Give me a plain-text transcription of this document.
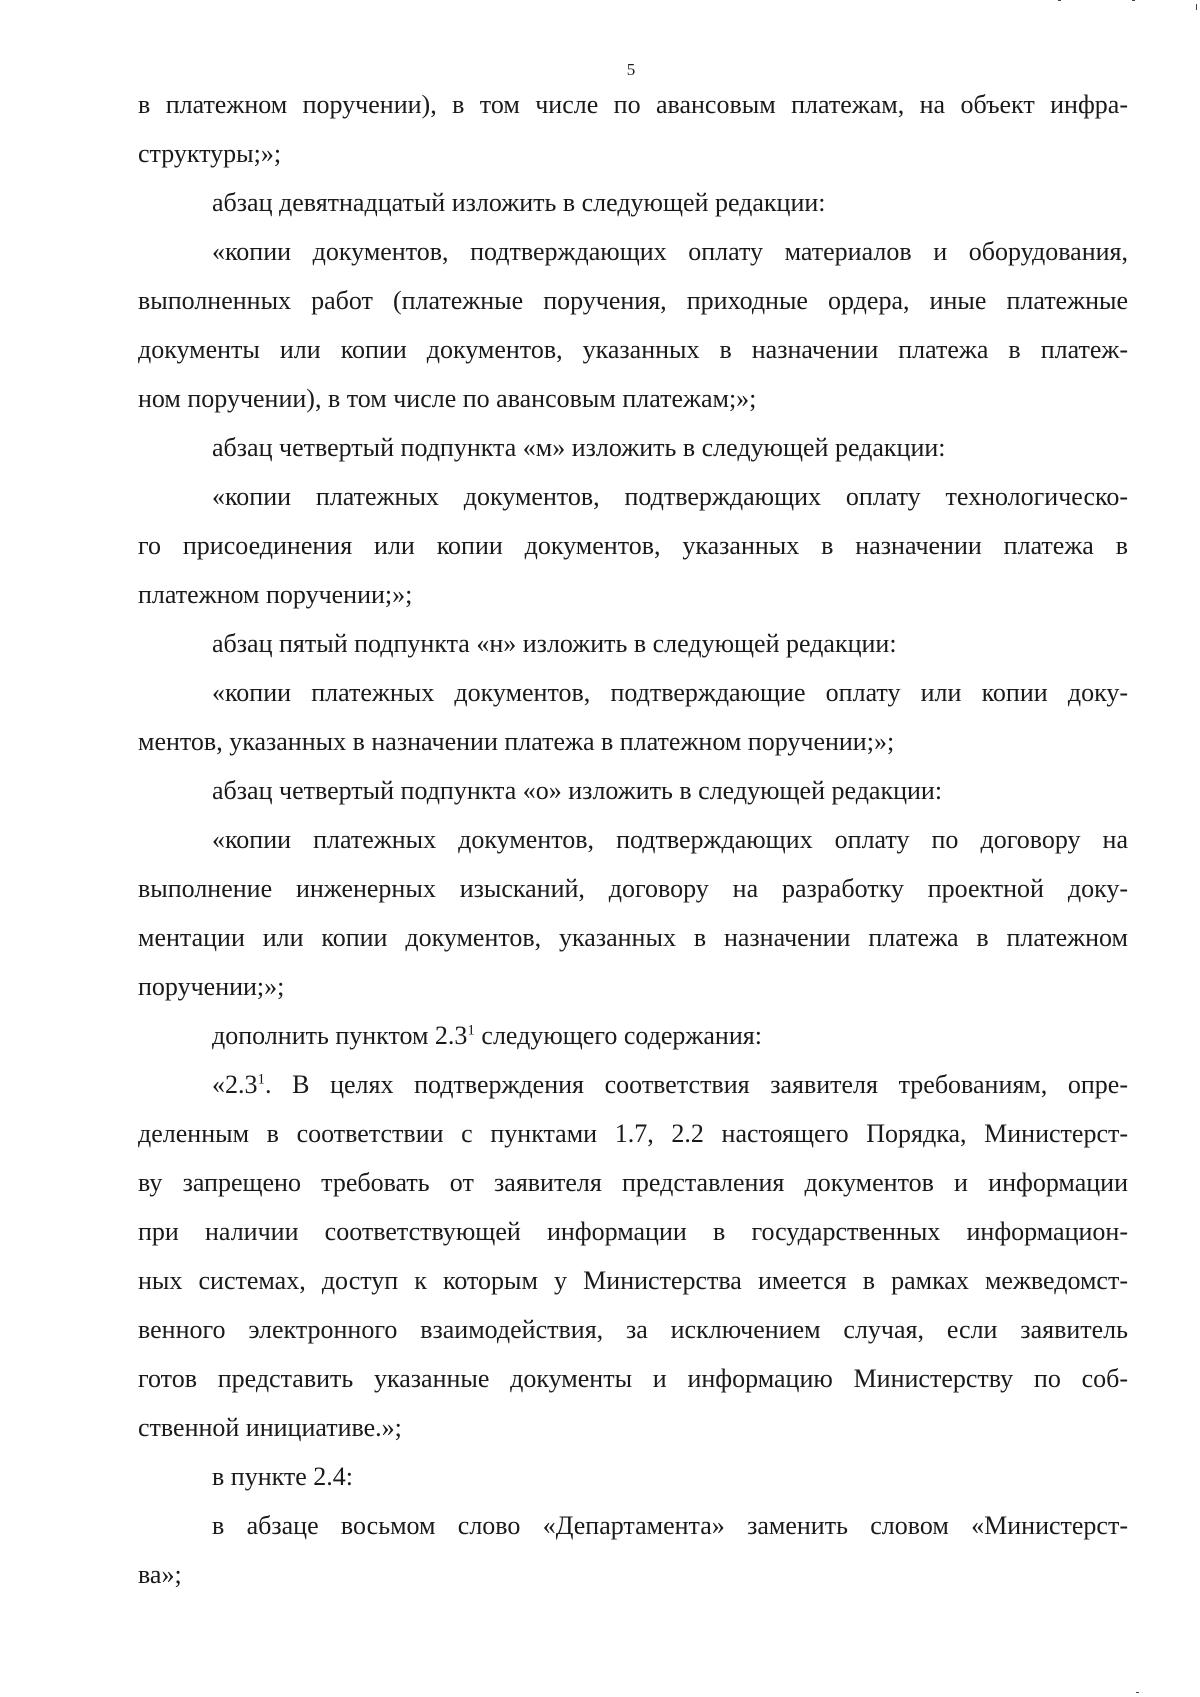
5
в платежном поручении), в том числе по авансовым платежам, на объект инфра-
структуры;»;
абзац девятнадцатый изложить в следующей редакции:
«копии документов, подтверждающих оплату материалов и оборудования,
выполненных работ (платежные поручения, приходные ордера, иные платежные
документы или копии документов, указанных в назначении платежа в платеж-
ном поручении), в том числе по авансовым платежам;»;
абзац четвертый подпункта «м» изложить в следующей редакции:
«копии платежных документов, подтверждающих оплату технологическо-
го присоединения или копии документов, указанных в назначении платежа в
платежном поручении;»;
абзац пятый подпункта «н» изложить в следующей редакции:
«копии платежных документов, подтверждающие оплату или копии доку-
ментов, указанных в назначении платежа в платежном поручении;»;
абзац четвертый подпункта «о» изложить в следующей редакции:
«копии платежных документов, подтверждающих оплату по договору на
выполнение инженерных изысканий, договору на разработку проектной доку-
ментации или копии документов, указанных в назначении платежа в платежном
поручении;»;
дополнить пунктом $2.3^1$ следующего содержания:
«$2.3^1$. В целях подтверждения соответствия заявителя требованиям, опре-
деленным в соответствии с пунктами 1.7, 2.2 настоящего Порядка, Министерст-
ву запрещено требовать от заявителя представления документов и информации
при наличии соответствующей информации в государственных информацион-
ных системах, доступ к которым у Министерства имеется в рамках межведомст-
венного электронного взаимодействия, за исключением случая, если заявитель
готов представить указанные документы и информацию Министерству по соб-
ственной инициативе.»;
в пункте 2.4:
в абзаце восьмом слово «Департамента» заменить словом «Министерст-
ва»;
